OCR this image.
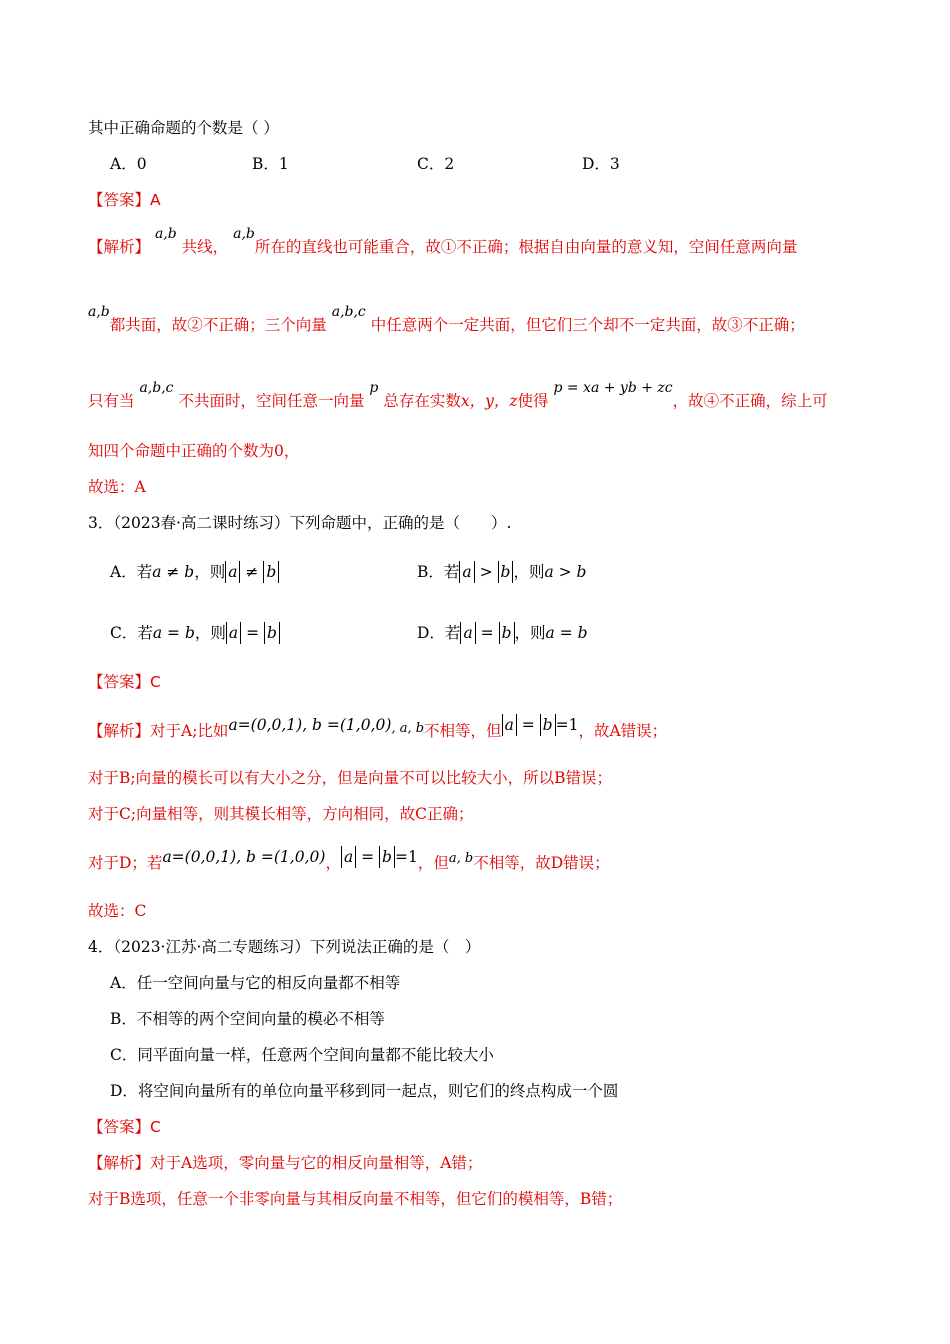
其中正确命题的个数是（ ）
A．0	B．1	C．2	D．3
【答案】A
【解析】 a,b 共线， a,b所在的直线也可能重合，故①不正确；根据自由向量的意义知，空间任意两向量
a,b都共面，故②不正确；三个向量 a,b,c 中任意两个一定共面，但它们三个却不一定共面，故③不正确；
只有当 a,b,c 不共面时，空间任意一向量 p 总存在实数x，y，z使得 p = xa + yb + zc，故④不正确，综上可
知四个命题中正确的个数为0，
故选：A
3．（2023春·高二课时练习）下列命题中，正确的是（　　）.
A．若a ≠ b，则 a ≠ b	B．若 a > b ，则a > b
C．若a = b，则 a = b	D．若 a = b ，则a = b
【答案】C
【解析】对于A;比如a=(0,0,1), $b =(1,0,0)^{, a, b}$不相等，但 a = b =1，故A错误；
对于B;向量的模长可以有大小之分，但是向量不可以比较大小，所以B错误；
对于C;向量相等，则其模长相等，方向相同，故C正确；
对于D；若a=(0,0,1), b =(1,0,0)， a = b =1，但$^{a, b}$不相等，故D错误；
故选：C
4．（2023·江苏·高二专题练习）下列说法正确的是（　）
A．任一空间向量与它的相反向量都不相等
B．不相等的两个空间向量的模必不相等
C．同平面向量一样，任意两个空间向量都不能比较大小
D．将空间向量所有的单位向量平移到同一起点，则它们的终点构成一个圆
【答案】C
【解析】对于A选项，零向量与它的相反向量相等，A错；
对于B选项，任意一个非零向量与其相反向量不相等，但它们的模相等，B错；
